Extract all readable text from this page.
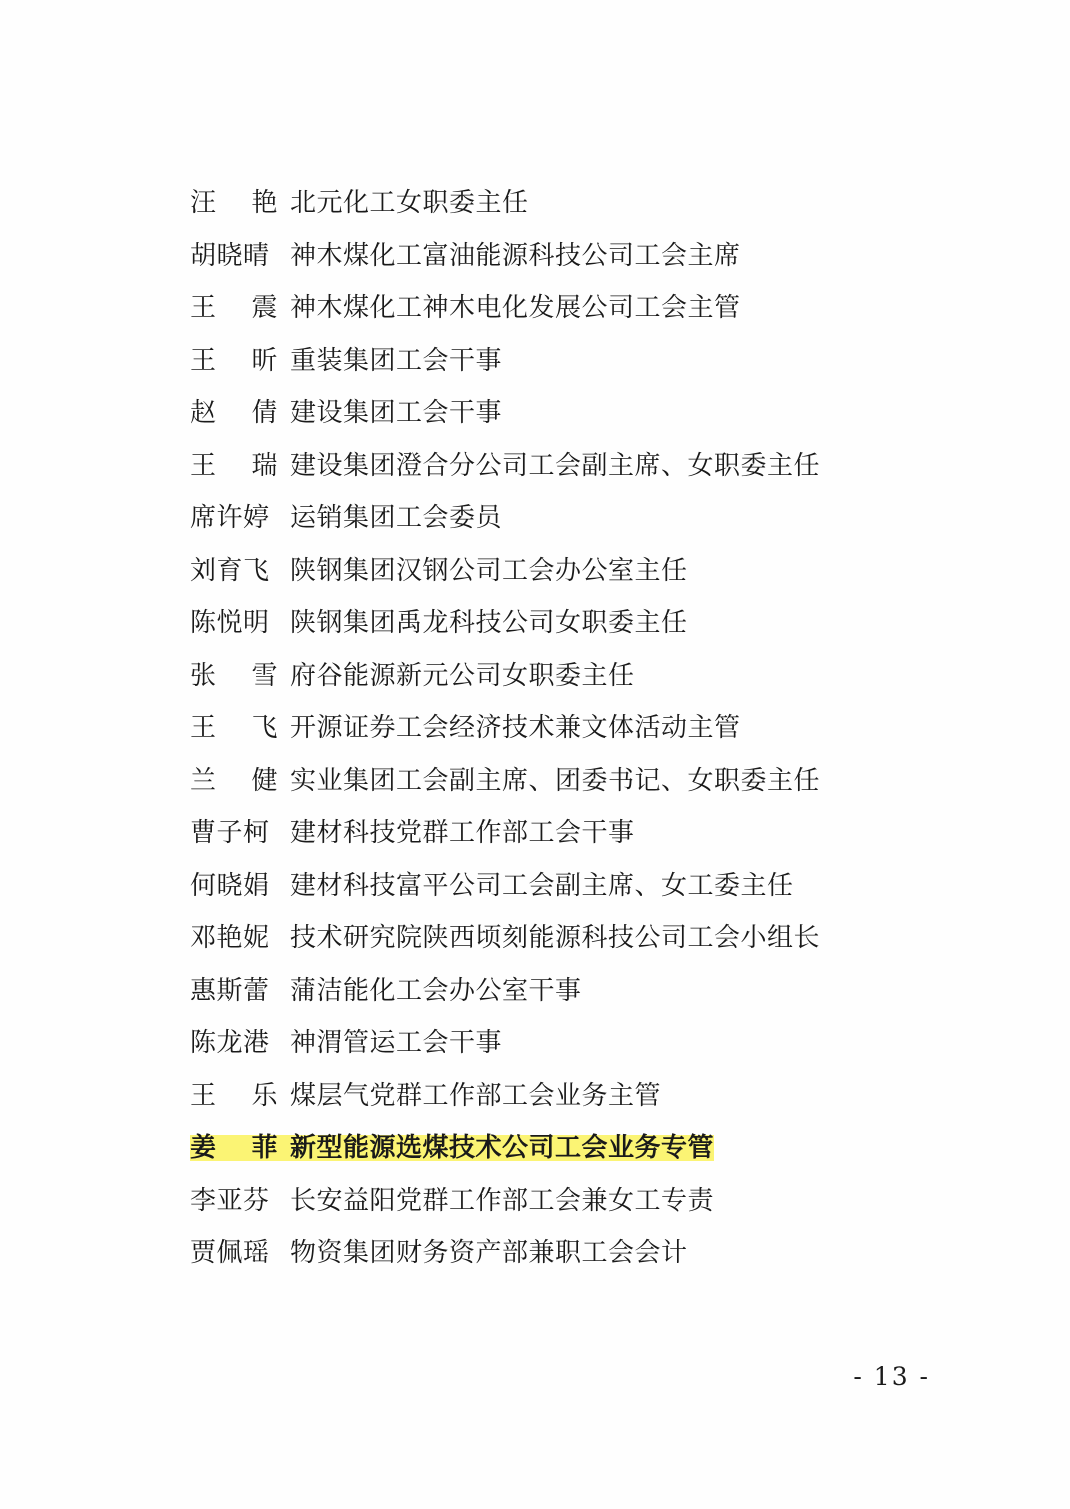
汪 艳 北元化工女职委主任
胡晓晴 神木煤化工富油能源科技公司工会主席
王 震 神木煤化工神木电化发展公司工会主管
王 昕 重装集团工会干事
赵 倩 建设集团工会干事
王 瑞 建设集团澄合分公司工会副主席、女职委主任
席许婷 运销集团工会委员
刘育飞 陕钢集团汉钢公司工会办公室主任
陈悦明 陕钢集团禹龙科技公司女职委主任
张 雪 府谷能源新元公司女职委主任
王 飞 开源证券工会经济技术兼文体活动主管
兰 健 实业集团工会副主席、团委书记、女职委主任
曹子柯 建材科技党群工作部工会干事
何晓娟 建材科技富平公司工会副主席、女工委主任
邓艳妮 技术研究院陕西顷刻能源科技公司工会小组长
惠斯蕾 蒲洁能化工会办公室干事
陈龙港 神渭管运工会干事
王 乐 煤层气党群工作部工会业务主管
姜 菲 新型能源选煤技术公司工会业务专管
李亚芬 长安益阳党群工作部工会兼女工专责
贾佩瑶 物资集团财务资产部兼职工会会计
- 13 -
